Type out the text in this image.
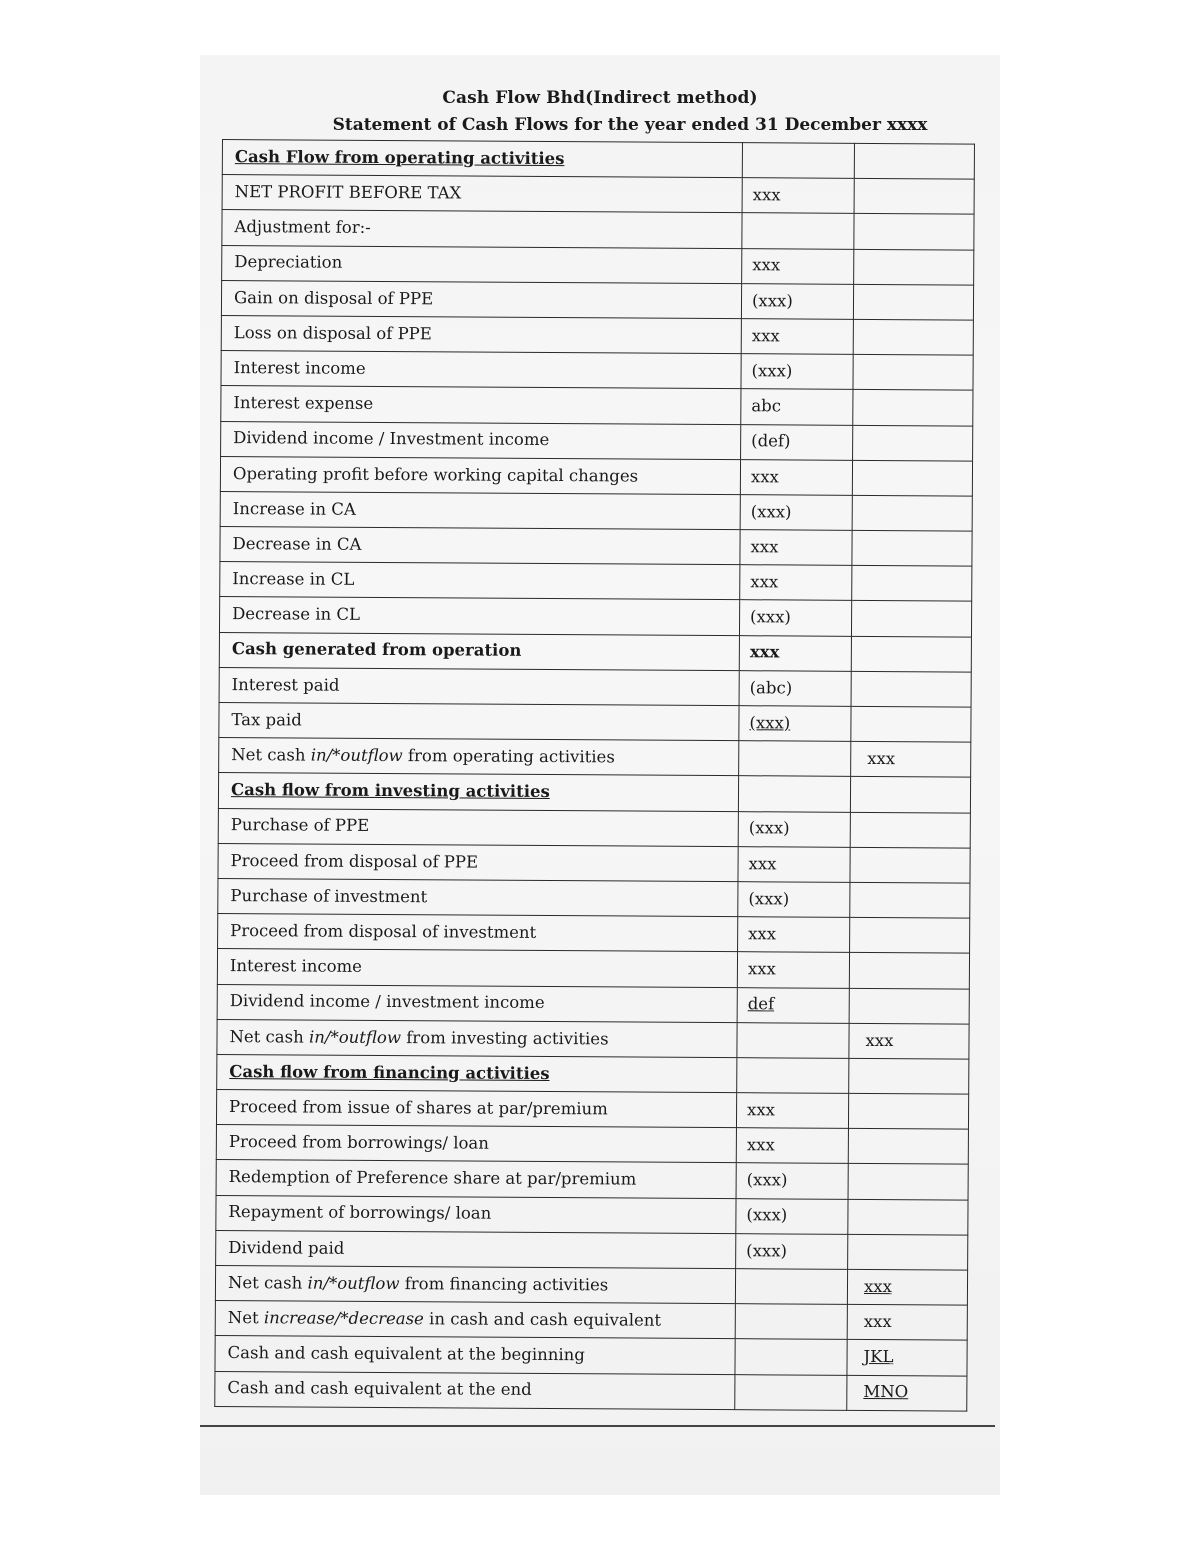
Cash Flow Bhd(Indirect method)
Statement of Cash Flows for the year ended 31 December xxxx
Cash Flow from operating activities		
NET PROFIT BEFORE TAX	xxx	
Adjustment for:-		
Depreciation	xxx	
Gain on disposal of PPE	(xxx)	
Loss on disposal of PPE	xxx	
Interest income	(xxx)	
Interest expense	abc	
Dividend income / Investment income	(def)	
Operating profit before working capital changes	xxx	
Increase in CA	(xxx)	
Decrease in CA	xxx	
Increase in CL	xxx	
Decrease in CL	(xxx)	
Cash generated from operation	xxx	
Interest paid	(abc)	
Tax paid	(xxx)	
Net cash in/*outflow from operating activities		xxx
Cash flow from investing activities		
Purchase of PPE	(xxx)	
Proceed from disposal of PPE	xxx	
Purchase of investment	(xxx)	
Proceed from disposal of investment	xxx	
Interest income	xxx	
Dividend income / investment income	def	
Net cash in/*outflow from investing activities		xxx
Cash flow from financing activities		
Proceed from issue of shares at par/premium	xxx	
Proceed from borrowings/ loan	xxx	
Redemption of Preference share at par/premium	(xxx)	
Repayment of borrowings/ loan	(xxx)	
Dividend paid	(xxx)	
Net cash in/*outflow from financing activities		xxx
Net increase/*decrease in cash and cash equivalent		xxx
Cash and cash equivalent at the beginning		JKL
Cash and cash equivalent at the end		MNO
